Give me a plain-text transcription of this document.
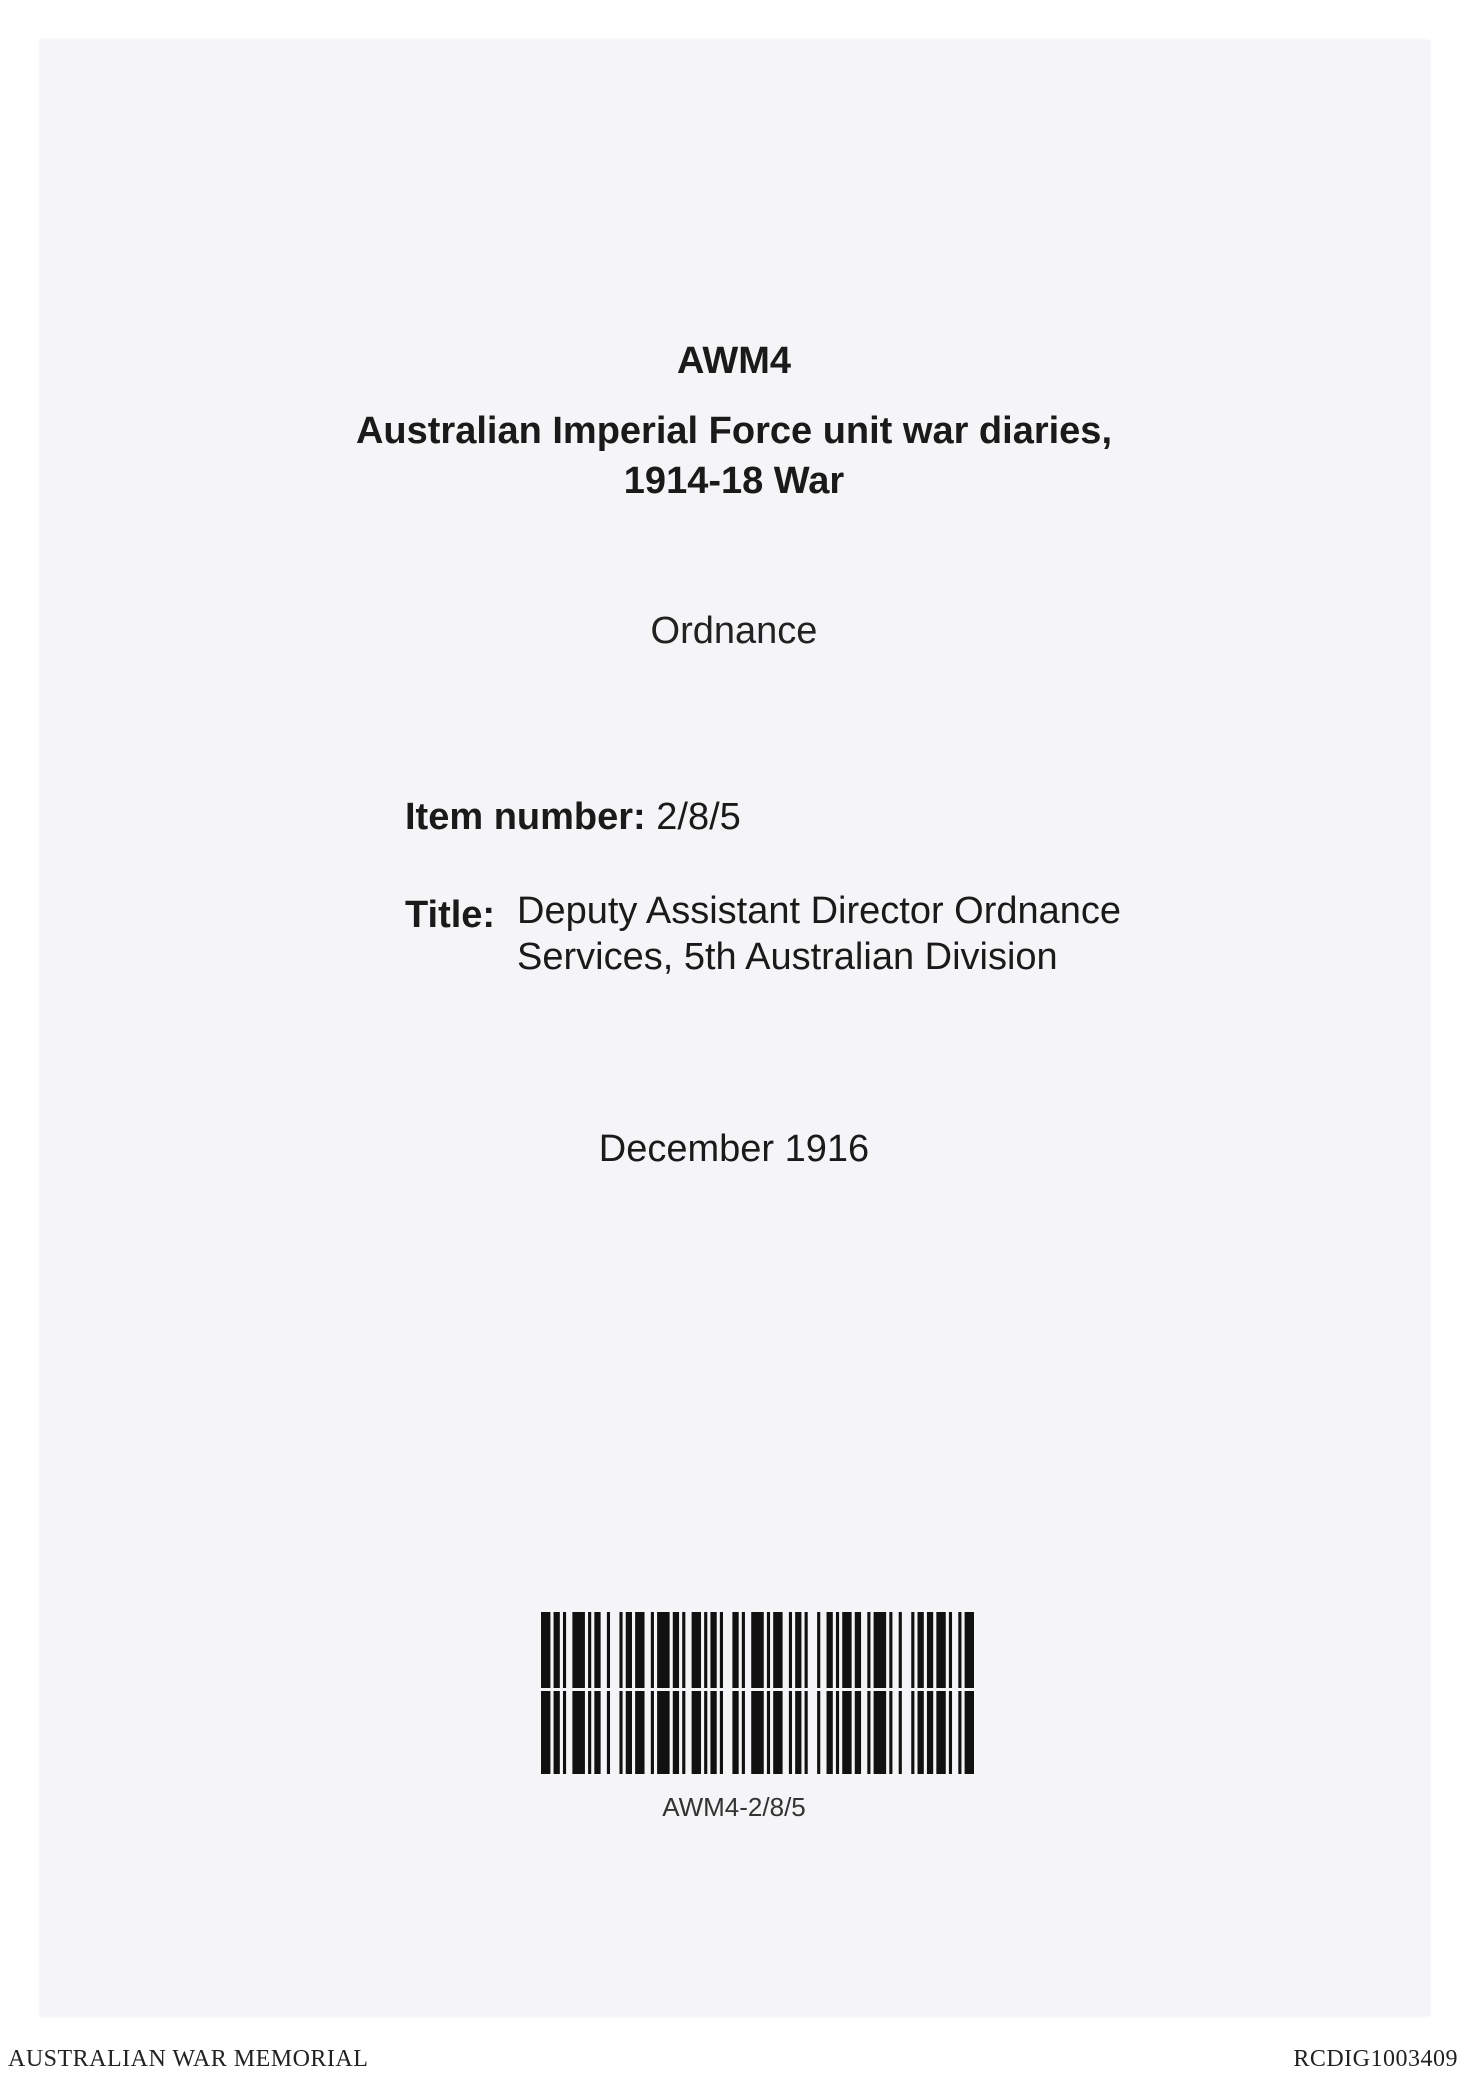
AWM4
Australian Imperial Force unit war diaries,
1914-18 War
Ordnance
Item number: 2/8/5
Title: Deputy Assistant Director Ordnance
Services, 5th Australian Division
December 1916
AWM4-2/8/5
AUSTRALIAN WAR MEMORIAL	RCDIG1003409
